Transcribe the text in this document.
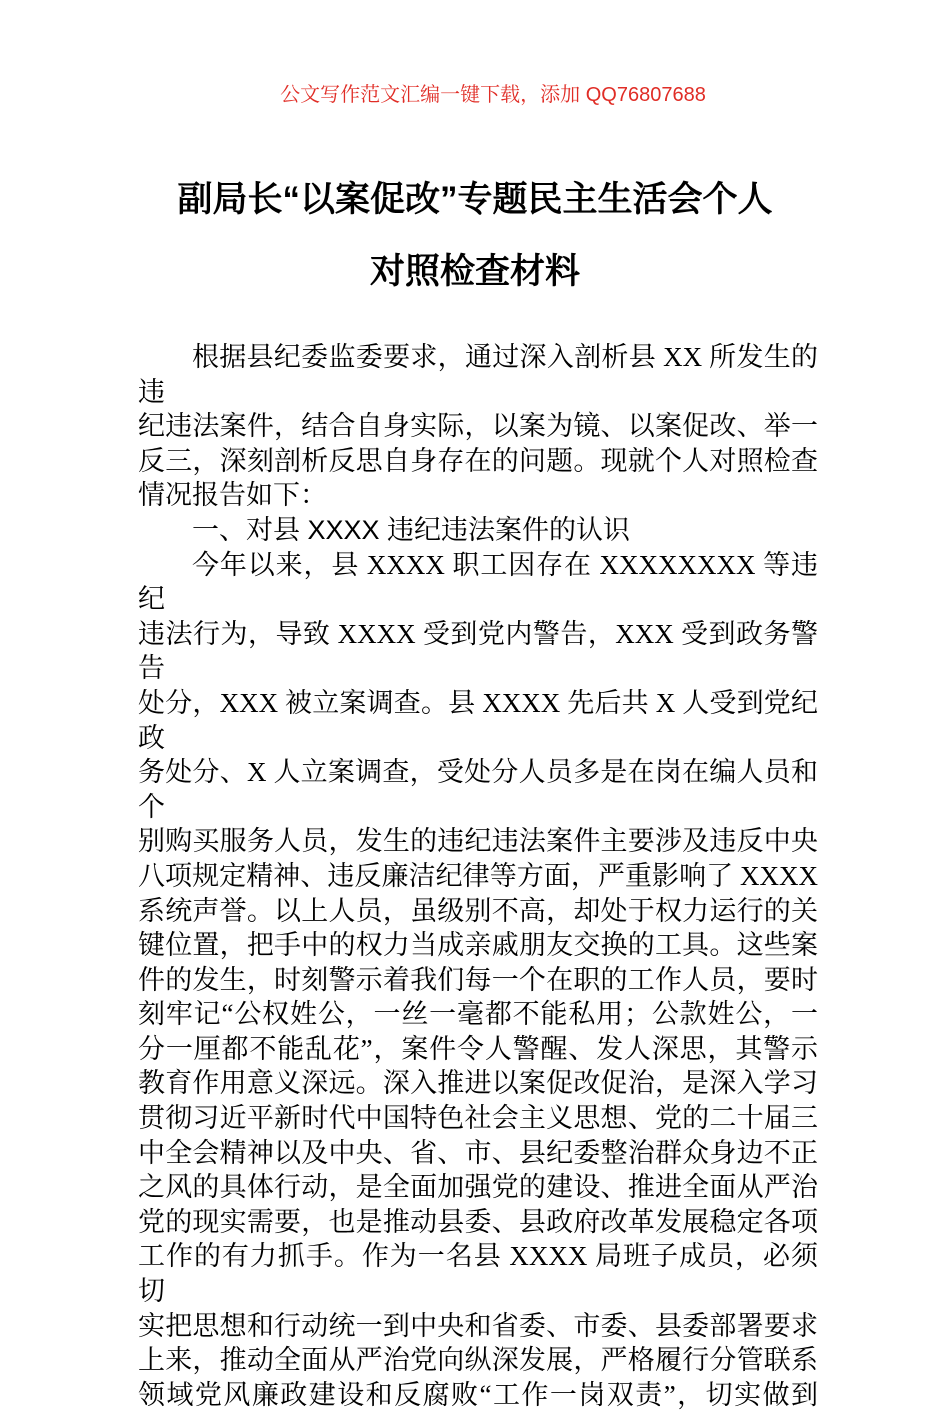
公文写作范文汇编一键下载，添加 QQ76807688
副局长“以案促改”专题民主生活会个人
对照检查材料
根据县纪委监委要求，通过深入剖析县 XX 所发生的违
纪违法案件，结合自身实际，以案为镜、以案促改、举一
反三，深刻剖析反思自身存在的问题。现就个人对照检查
情况报告如下：
一、对县 XXXX 违纪违法案件的认识
今年以来，县 XXXX 职工因存在 XXXXXXXX 等违纪
违法行为，导致 XXXX 受到党内警告，XXX 受到政务警告
处分，XXX 被立案调查。县 XXXX 先后共 X 人受到党纪政
务处分、X 人立案调查，受处分人员多是在岗在编人员和个
别购买服务人员，发生的违纪违法案件主要涉及违反中央
八项规定精神、违反廉洁纪律等方面，严重影响了 XXXX
系统声誉。以上人员，虽级别不高，却处于权力运行的关
键位置，把手中的权力当成亲戚朋友交换的工具。这些案
件的发生，时刻警示着我们每一个在职的工作人员，要时
刻牢记“公权姓公，一丝一毫都不能私用；公款姓公，一
分一厘都不能乱花”，案件令人警醒、发人深思，其警示
教育作用意义深远。深入推进以案促改促治，是深入学习
贯彻习近平新时代中国特色社会主义思想、党的二十届三
中全会精神以及中央、省、市、县纪委整治群众身边不正
之风的具体行动，是全面加强党的建设、推进全面从严治
党的现实需要，也是推动县委、县政府改革发展稳定各项
工作的有力抓手。作为一名县 XXXX 局班子成员，必须切
实把思想和行动统一到中央和省委、市委、县委部署要求
上来，推动全面从严治党向纵深发展，严格履行分管联系
领域党风廉政建设和反腐败“工作一岗双责”，切实做到
